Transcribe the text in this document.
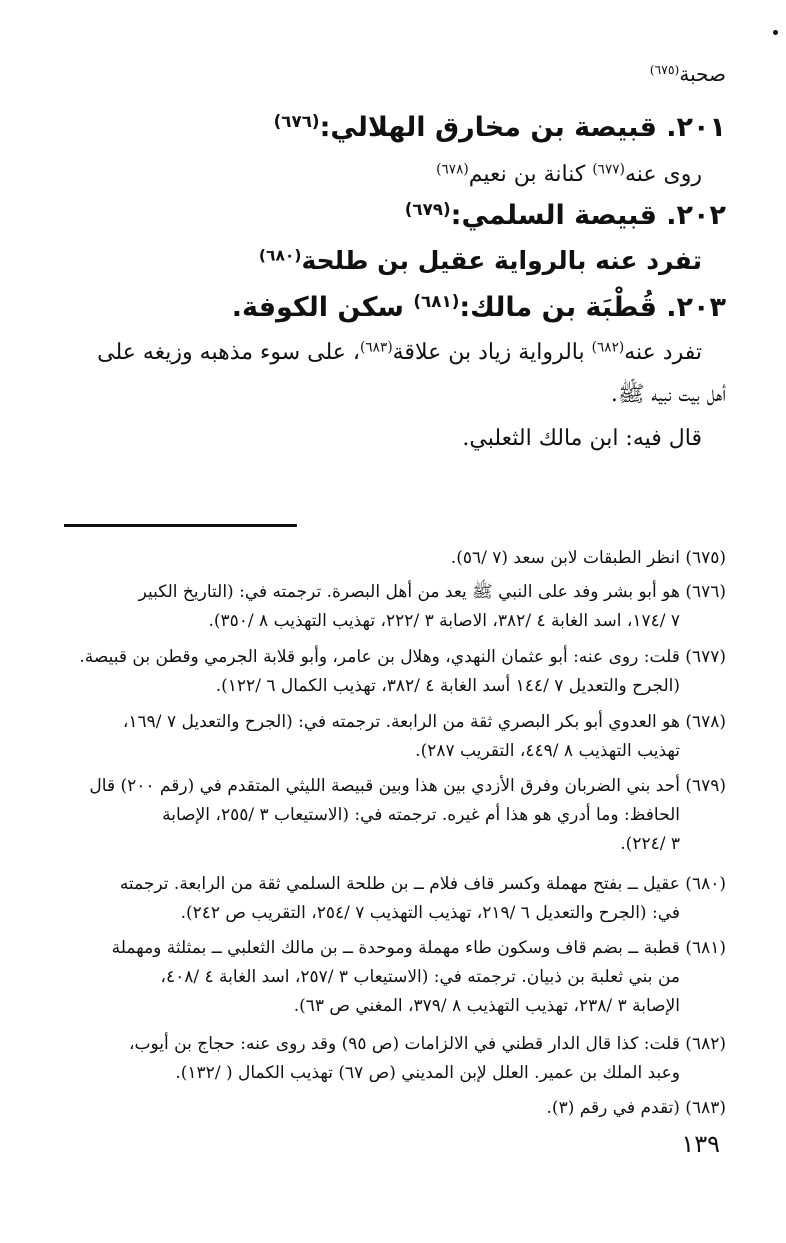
صحبة$^{(٦٧٥)}$
٢٠١. قبيصة بن مخارق الهلالي:$^{(٦٧٦)}$
روى عنه$^{(٦٧٧)}$ كنانة بن نعيم$^{(٦٧٨)}$
٢٠٢. قبيصة السلمي:$^{(٦٧٩)}$
تفرد عنه بالرواية عقيل بن طلحة$^{(٦٨٠)}$
٢٠٣. قُطْبَة بن مالك:$^{(٦٨١)}$ سكن الكوفة.
تفرد عنه$^{(٦٨٢)}$ بالرواية زياد بن علاقة$^{(٦٨٣)}$، على سوء مذهبه وزيغه على
أهل بيت نبيه ﷺ.
قال فيه: ابن مالك الثعلبي.
(٦٧٥) انظر الطبقات لابن سعد (٧ /٥٦).
(٦٧٦) هو أبو بشر وفد على النبي ﷺ يعد من أهل البصرة. ترجمته في: (التاريخ الكبير
٧ /١٧٤، اسد الغابة ٤ /٣٨٢، الاصابة ٣ /٢٢٢، تهذيب التهذيب ٨ /٣٥٠).
(٦٧٧) قلت: روى عنه: أبو عثمان النهدي، وهلال بن عامر، وأبو قلابة الجرمي وقطن بن قبيصة.
(الجرح والتعديل ٧ /١٤٤ أسد الغابة ٤ /٣٨٢، تهذيب الكمال ٦ /١٢٢).
(٦٧٨) هو العدوي أبو بكر البصري ثقة من الرابعة. ترجمته في: (الجرح والتعديل ٧ /١٦٩،
تهذيب التهذيب ٨ /٤٤٩، التقريب ٢٨٧).
(٦٧٩) أحد بني الضربان وفرق الأزدي بين هذا وبين قبيصة الليثي المتقدم في (رقم ٢٠٠) قال
الحافظ: وما أدري هو هذا أم غيره. ترجمته في: (الاستيعاب ٣ /٢٥٥، الإصابة
٣ /٢٢٤).
(٦٨٠) عقيل ــ بفتح مهملة وكسر قاف فلام ــ بن طلحة السلمي ثقة من الرابعة. ترجمته
في: (الجرح والتعديل ٦ /٢١٩، تهذيب التهذيب ٧ /٢٥٤، التقريب ص ٢٤٢).
(٦٨١) قطبة ــ بضم قاف وسكون طاء مهملة وموحدة ــ بن مالك الثعلبي ــ بمثلثة ومهملة
من بني ثعلبة بن ذبيان. ترجمته في: (الاستيعاب ٣ /٢٥٧، اسد الغابة ٤ /٤٠٨،
الإصابة ٣ /٢٣٨، تهذيب التهذيب ٨ /٣٧٩، المغني ص ٦٣).
(٦٨٢) قلت: كذا قال الدار قطني في الالزامات (ص ٩٥) وقد روى عنه: حجاج بن أيوب،
وعبد الملك بن عمير. العلل لإبن المديني (ص ٦٧) تهذيب الكمال ( /١٣٢).
(٦٨٣) (تقدم في رقم (٣).
١٣٩
